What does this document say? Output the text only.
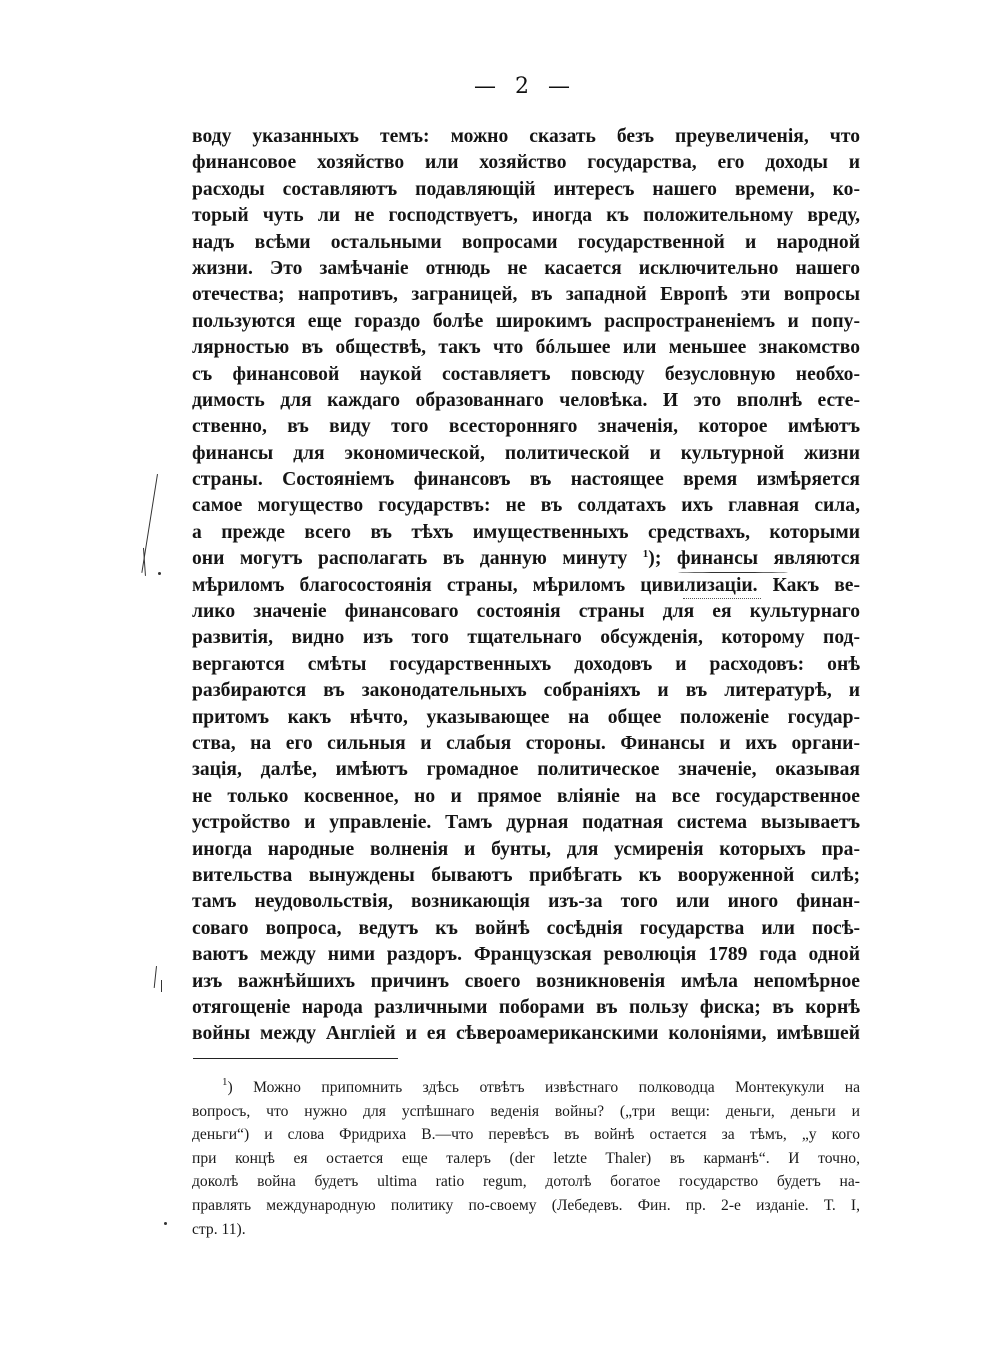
— 2 —
воду указанныхъ темъ: можно сказать безъ преувеличенія, что
финансовое хозяйство или хозяйство государства, его доходы и
расходы составляютъ подавляющій интересъ нашего времени, ко-
торый чуть ли не господствуетъ, иногда къ положительному вреду,
надъ всѣми остальными вопросами государственной и народной
жизни. Это замѣчаніе отнюдь не касается исключительно нашего
отечества; напротивъ, заграницей, въ западной Европѣ эти вопросы
пользуются еще гораздо болѣе широкимъ распространеніемъ и попу-
лярностью въ обществѣ, такъ что бóльшее или меньшее знакомство
съ финансовой наукой составляетъ повсюду безусловную необхо-
димость для каждаго образованнаго человѣка. И это вполнѣ есте-
ственно, въ виду того всесторонняго значенія, которое имѣютъ
финансы для экономической, политической и культурной жизни
страны. Состояніемъ финансовъ въ настоящее время измѣряется
самое могущество государствъ: не въ солдатахъ ихъ главная сила,
а прежде всего въ тѣхъ имущественныхъ средствахъ, которыми
они могутъ располагать въ данную минуту $^1$); финансы являются
мѣриломъ благосостоянія страны, мѣриломъ цивилизаціи. Какъ ве-
лико значеніе финансоваго состоянія страны для ея культурнаго
развитія, видно изъ того тщательнаго обсужденія, которому под-
вергаются смѣты государственныхъ доходовъ и расходовъ: онѣ
разбираются въ законодательныхъ собраніяхъ и въ литературѣ, и
притомъ какъ нѣчто, указывающее на общее положеніе государ-
ства, на его сильныя и слабыя стороны. Финансы и ихъ органи-
зація, далѣе, имѣютъ громадное политическое значеніе, оказывая
не только косвенное, но и прямое вліяніе на все государственное
устройство и управленіе. Тамъ дурная податная система вызываетъ
иногда народные волненія и бунты, для усмиренія которыхъ пра-
вительства вынуждены бываютъ прибѣгать къ вооруженной силѣ;
тамъ неудовольствія, возникающія изъ-за того или иного финан-
соваго вопроса, ведутъ къ войнѣ сосѣднія государства или посѣ-
ваютъ между ними раздоръ. Французская революція 1789 года одной
изъ важнѣйшихъ причинъ своего возникновенія имѣла непомѣрное
отягощеніе народа различными поборами въ пользу фиска; въ корнѣ
войны между Англіей и ея сѣвероамериканскими колоніями, имѣвшей
$^1$) Можно припомнить здѣсь отвѣтъ извѣстнаго полководца Монтекукули на
вопросъ, что нужно для успѣшнаго веденія войны? („три вещи: деньги, деньги и
деньги“) и слова Фридриха В.—что перевѣсъ въ войнѣ остается за тѣмъ, „у кого
при концѣ ея остается еще талеръ (der letzte Thaler) въ карманѣ“. И точно,
доколѣ война будетъ ultima ratio regum, дотолѣ богатое государство будетъ на-
правлять международную политику по-своему (Лебедевъ. Фин. пр. 2-е изданіе. Т. I,
стр. 11).
